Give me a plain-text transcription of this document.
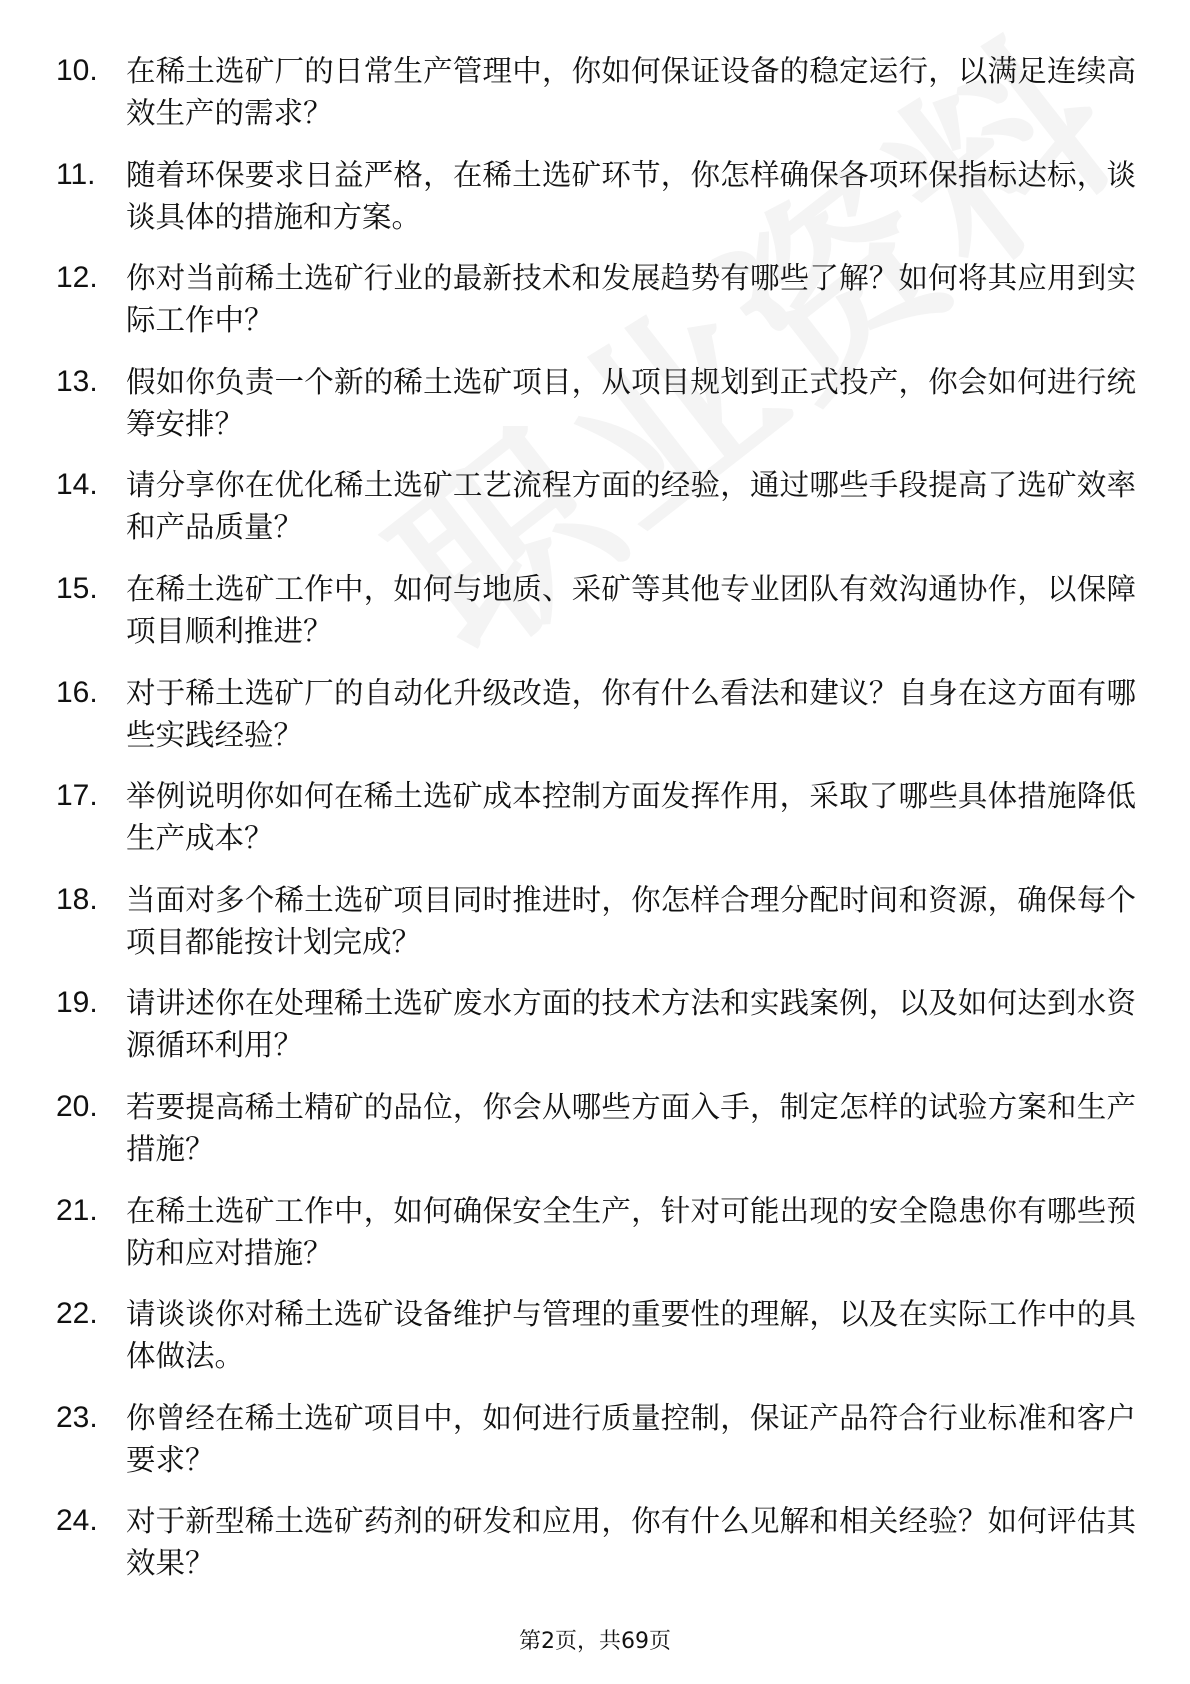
10. 在稀土选矿厂的日常生产管理中，你如何保证设备的稳定运行，以满足连续高效生产的需求？
11. 随着环保要求日益严格，在稀土选矿环节，你怎样确保各项环保指标达标，谈谈具体的措施和方案。
12. 你对当前稀土选矿行业的最新技术和发展趋势有哪些了解？如何将其应用到实际工作中？
13. 假如你负责一个新的稀土选矿项目，从项目规划到正式投产，你会如何进行统筹安排？
14. 请分享你在优化稀土选矿工艺流程方面的经验，通过哪些手段提高了选矿效率和产品质量？
15. 在稀土选矿工作中，如何与地质、采矿等其他专业团队有效沟通协作，以保障项目顺利推进？
16. 对于稀土选矿厂的自动化升级改造，你有什么看法和建议？自身在这方面有哪些实践经验？
17. 举例说明你如何在稀土选矿成本控制方面发挥作用，采取了哪些具体措施降低生产成本？
18. 当面对多个稀土选矿项目同时推进时，你怎样合理分配时间和资源，确保每个项目都能按计划完成？
19. 请讲述你在处理稀土选矿废水方面的技术方法和实践案例，以及如何达到水资源循环利用？
20. 若要提高稀土精矿的品位，你会从哪些方面入手，制定怎样的试验方案和生产措施？
21. 在稀土选矿工作中，如何确保安全生产，针对可能出现的安全隐患你有哪些预防和应对措施？
22. 请谈谈你对稀土选矿设备维护与管理的重要性的理解，以及在实际工作中的具体做法。
23. 你曾经在稀土选矿项目中，如何进行质量控制，保证产品符合行业标准和客户要求？
24. 对于新型稀土选矿药剂的研发和应用，你有什么见解和相关经验？如何评估其效果？
第2页，共69页
